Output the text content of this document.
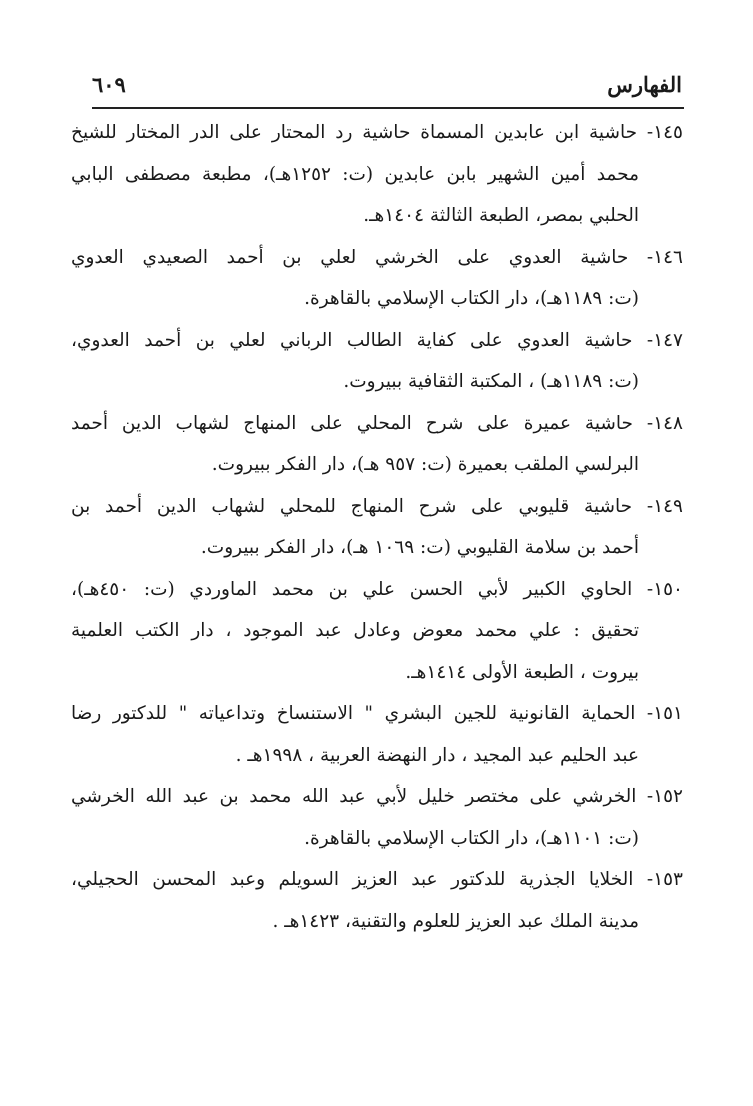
الفهارس
٦٠٩

١٤٥- حاشية ابن عابدين المسماة حاشية رد المحتار على الدر المختار للشيخ
محمد أمين الشهير بابن عابدين (ت: ١٢٥٢هـ)، مطبعة مصطفى البابي
الحلبي بمصر، الطبعة الثالثة ١٤٠٤هـ.

١٤٦- حاشية العدوي على الخرشي لعلي بن أحمد الصعيدي العدوي
(ت: ١١٨٩هـ)، دار الكتاب الإسلامي بالقاهرة.

١٤٧- حاشية العدوي على كفاية الطالب الرباني لعلي بن أحمد العدوي،
(ت: ١١٨٩هـ) ، المكتبة الثقافية ببيروت.

١٤٨- حاشية عميرة على شرح المحلي على المنهاج لشهاب الدين أحمد
البرلسي الملقب بعميرة (ت: ٩٥٧ هـ)، دار الفكر ببيروت.

١٤٩- حاشية قليوبي على شرح المنهاج للمحلي لشهاب الدين أحمد بن
أحمد بن سلامة القليوبي (ت: ١٠٦٩ هـ)، دار الفكر ببيروت.

١٥٠- الحاوي الكبير لأبي الحسن علي بن محمد الماوردي (ت: ٤٥٠هـ)،
تحقيق : علي محمد معوض وعادل عبد الموجود ، دار الكتب العلمية
بيروت ، الطبعة الأولى ١٤١٤هـ.

١٥١- الحماية القانونية للجين البشري " الاستنساخ وتداعياته " للدكتور رضا
عبد الحليم عبد المجيد ، دار النهضة العربية ، ١٩٩٨هـ .

١٥٢- الخرشي على مختصر خليل لأبي عبد الله محمد بن عبد الله الخرشي
(ت: ١١٠١هـ)، دار الكتاب الإسلامي بالقاهرة.

١٥٣- الخلايا الجذرية للدكتور عبد العزيز السويلم وعبد المحسن الحجيلي،
مدينة الملك عبد العزيز للعلوم والتقنية، ١٤٢٣هـ .
